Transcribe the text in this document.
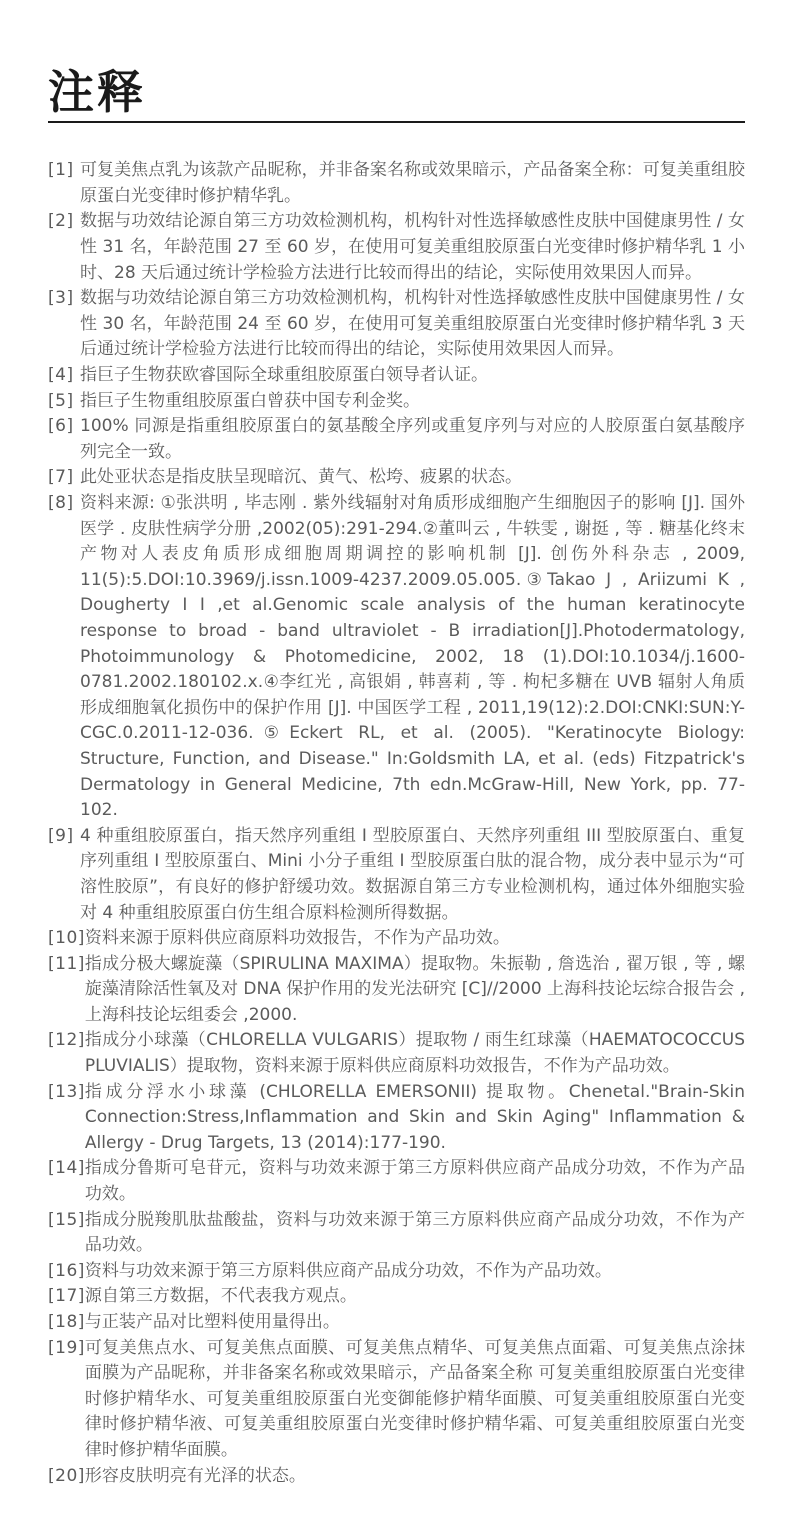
注释
[1] 可复美焦点乳为该款产品昵称，并非备案名称或效果暗示，产品备案全称：可复美重组胶原蛋白光变律时修护精华乳。
[2] 数据与功效结论源自第三方功效检测机构，机构针对性选择敏感性皮肤中国健康男性 / 女性 31 名，年龄范围 27 至 60 岁，在使用可复美重组胶原蛋白光变律时修护精华乳 1 小时、28 天后通过统计学检验方法进行比较而得出的结论，实际使用效果因人而异。
[3] 数据与功效结论源自第三方功效检测机构，机构针对性选择敏感性皮肤中国健康男性 / 女性 30 名，年龄范围 24 至 60 岁，在使用可复美重组胶原蛋白光变律时修护精华乳 3 天后通过统计学检验方法进行比较而得出的结论，实际使用效果因人而异。
[4] 指巨子生物获欧睿国际全球重组胶原蛋白领导者认证。
[5] 指巨子生物重组胶原蛋白曾获中国专利金奖。
[6] 100% 同源是指重组胶原蛋白的氨基酸全序列或重复序列与对应的人胶原蛋白氨基酸序列完全一致。
[7] 此处亚状态是指皮肤呈现暗沉、黄气、松垮、疲累的状态。
[8] 资料来源: ①张洪明 , 毕志刚 . 紫外线辐射对角质形成细胞产生细胞因子的影响 [J]. 国外医学 . 皮肤性病学分册 ,2002(05):291-294.②董叫云 , 牛轶雯 , 谢挺 , 等 . 糖基化终末产物对人表皮角质形成细胞周期调控的影响机制 [J]. 创伤外科杂志 , 2009, 11(5):5.DOI:10.3969/j.issn.1009-4237.2009.05.005.③Takao J , Ariizumi K , Dougherty I I ,et al.Genomic scale analysis of the human keratinocyte response to broad - band ultraviolet - B irradiation[J].Photodermatology, Photoimmunology & Photomedicine, 2002, 18 (1).DOI:10.1034/j.1600-0781.2002.180102.x.④李红光 , 高银娟 , 韩喜莉 , 等 . 枸杞多糖在 UVB 辐射人角质形成细胞氧化损伤中的保护作用 [J]. 中国医学工程 , 2011,19(12):2.DOI:CNKI:SUN:Y-CGC.0.2011-12-036.⑤Eckert RL, et al. (2005). "Keratinocyte Biology: Structure, Function, and Disease." In:Goldsmith LA, et al. (eds) Fitzpatrick's Dermatology in General Medicine, 7th edn.McGraw-Hill, New York, pp. 77-102.
[9] 4 种重组胶原蛋白，指天然序列重组 I 型胶原蛋白、天然序列重组 III 型胶原蛋白、重复序列重组 I 型胶原蛋白、Mini 小分子重组 I 型胶原蛋白肽的混合物，成分表中显示为“可溶性胶原”，有良好的修护舒缓功效。数据源自第三方专业检测机构，通过体外细胞实验对 4 种重组胶原蛋白仿生组合原料检测所得数据。
[10] 资料来源于原料供应商原料功效报告，不作为产品功效。
[11] 指成分极大螺旋藻（SPIRULINA MAXIMA）提取物。朱振勒 , 詹选治 , 翟万银 , 等 , 螺旋藻清除活性氧及对 DNA 保护作用的发光法研究 [C]//2000 上海科技论坛综合报告会 , 上海科技论坛组委会 ,2000.
[12] 指成分小球藻（CHLORELLA VULGARIS）提取物 / 雨生红球藻（HAEMATOCOCCUS PLUVIALIS）提取物，资料来源于原料供应商原料功效报告，不作为产品功效。
[13] 指成分浮水小球藻 (CHLORELLA EMERSONII) 提取物。Chenetal."Brain-Skin Connection:Stress,Inflammation and Skin and Skin Aging" Inflammation & Allergy - Drug Targets, 13 (2014):177-190.
[14] 指成分鲁斯可皂苷元，资料与功效来源于第三方原料供应商产品成分功效，不作为产品功效。
[15] 指成分脱羧肌肽盐酸盐，资料与功效来源于第三方原料供应商产品成分功效，不作为产品功效。
[16] 资料与功效来源于第三方原料供应商产品成分功效，不作为产品功效。
[17] 源自第三方数据，不代表我方观点。
[18] 与正装产品对比塑料使用量得出。
[19] 可复美焦点水、可复美焦点面膜、可复美焦点精华、可复美焦点面霜、可复美焦点涂抹面膜为产品昵称，并非备案名称或效果暗示，产品备案全称 可复美重组胶原蛋白光变律时修护精华水、可复美重组胶原蛋白光变御能修护精华面膜、可复美重组胶原蛋白光变律时修护精华液、可复美重组胶原蛋白光变律时修护精华霜、可复美重组胶原蛋白光变律时修护精华面膜。
[20] 形容皮肤明亮有光泽的状态。
